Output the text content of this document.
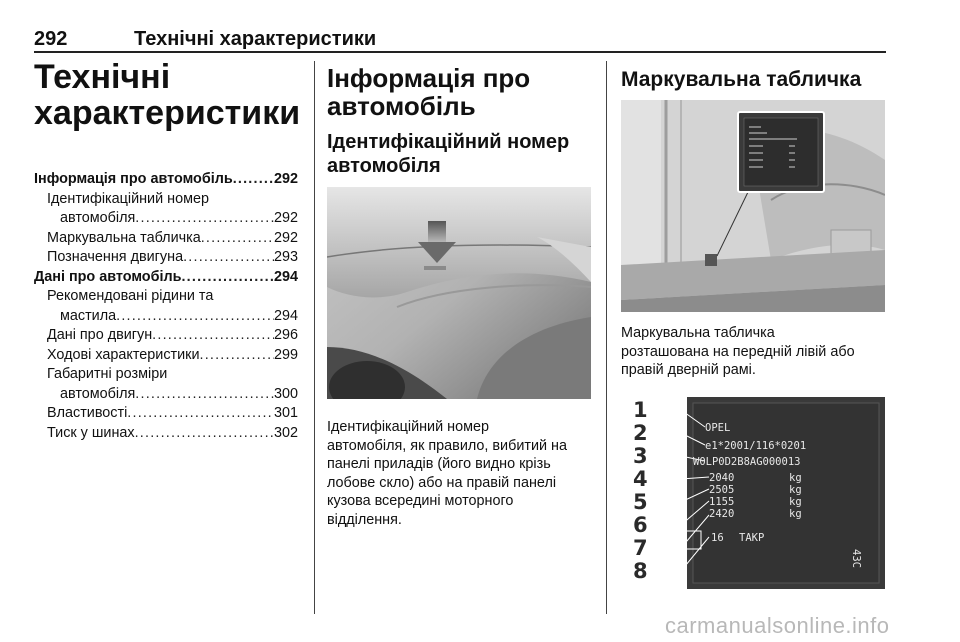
292	Технічні характеристики
Технічні
характеристики
Інформація про автомобіль .....	292
Ідентифікаційний номер
автомобіля .....	292
Маркувальна табличка .....	292
Позначення двигуна .....	293
Дані про автомобіль .....	294
Рекомендовані рідини та
мастила .....	294
Дані про двигун .....	296
Ходові характеристики .....	299
Габаритні розміри
автомобіля .....	300
Властивості .....	301
Тиск у шинах .....	302
Інформація про
автомобіль
Ідентифікаційний номер
автомобіля
Ідентифікаційний номер
автомобіля, як правило, вибитий на
панелі приладів (його видно крізь
лобове скло) або на правій панелі
кузова всередині моторного
відділення.
Маркувальна табличка
Маркувальна табличка
розташована на передній лівій або
правій дверній рамі.
1
2
3
4
5
6
7
8
OPEL
e1*2001/116*0201
W0LP0D2B8AG000013
2040
2505
1155
2420
kg
kg
kg
kg
16 TAKP
43C
carmanualsonline.info
